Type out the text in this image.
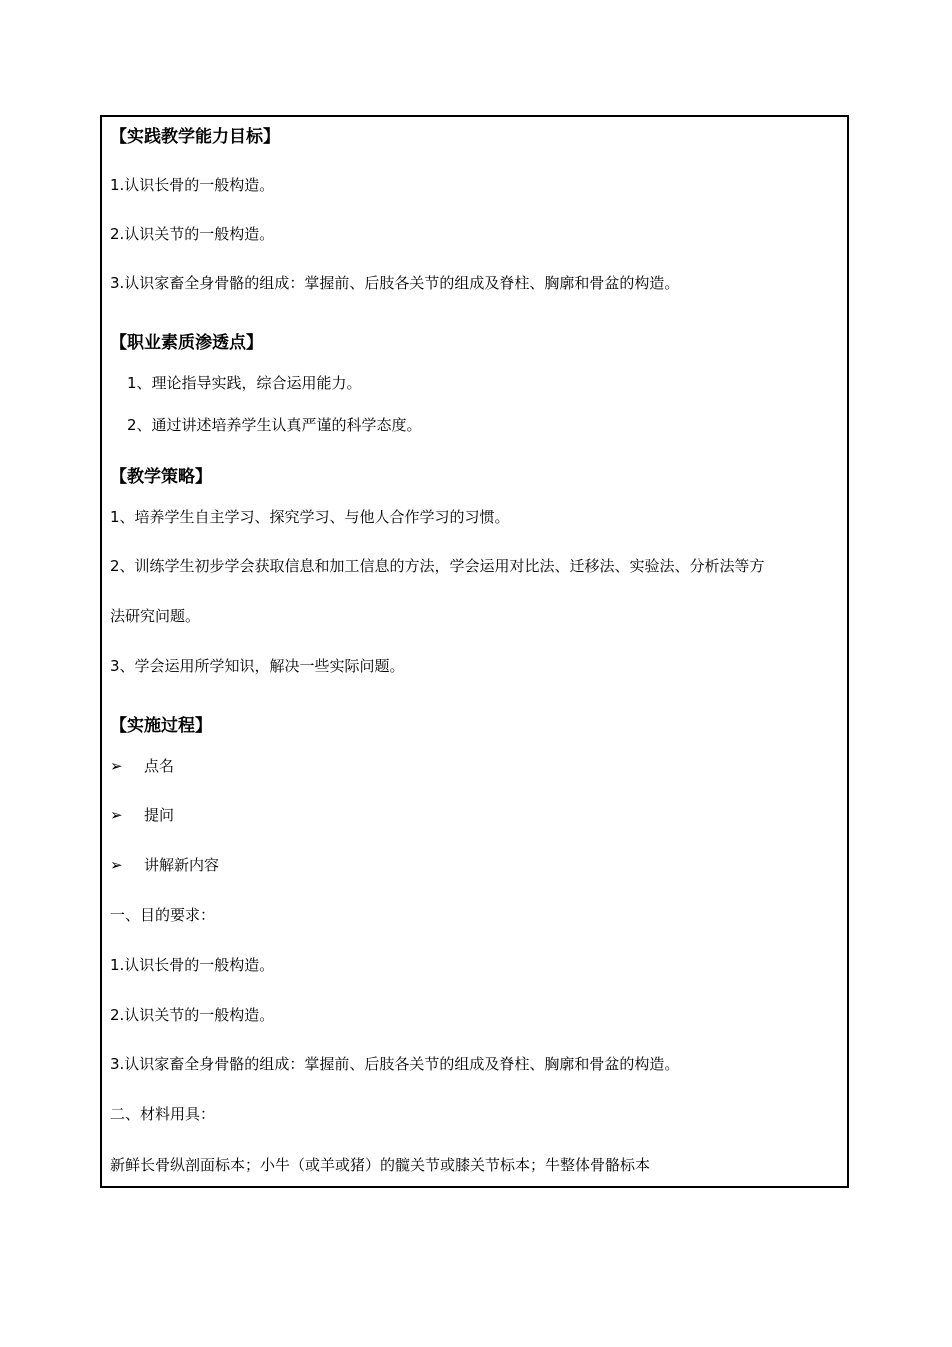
【实践教学能力目标】
1.认识长骨的一般构造。
2.认识关节的一般构造。
3.认识家畜全身骨骼的组成：掌握前、后肢各关节的组成及脊柱、胸廓和骨盆的构造。
【职业素质渗透点】
1、理论指导实践，综合运用能力。
2、通过讲述培养学生认真严谨的科学态度。
【教学策略】
1、培养学生自主学习、探究学习、与他人合作学习的习惯。
2、训练学生初步学会获取信息和加工信息的方法，学会运用对比法、迁移法、实验法、分析法等方
法研究问题。
3、学会运用所学知识，解决一些实际问题。
【实施过程】
➢ 点名
➢ 提问
➢ 讲解新内容
一、目的要求：
1.认识长骨的一般构造。
2.认识关节的一般构造。
3.认识家畜全身骨骼的组成：掌握前、后肢各关节的组成及脊柱、胸廓和骨盆的构造。
二、材料用具：
新鲜长骨纵剖面标本；小牛（或羊或猪）的髋关节或膝关节标本；牛整体骨骼标本
